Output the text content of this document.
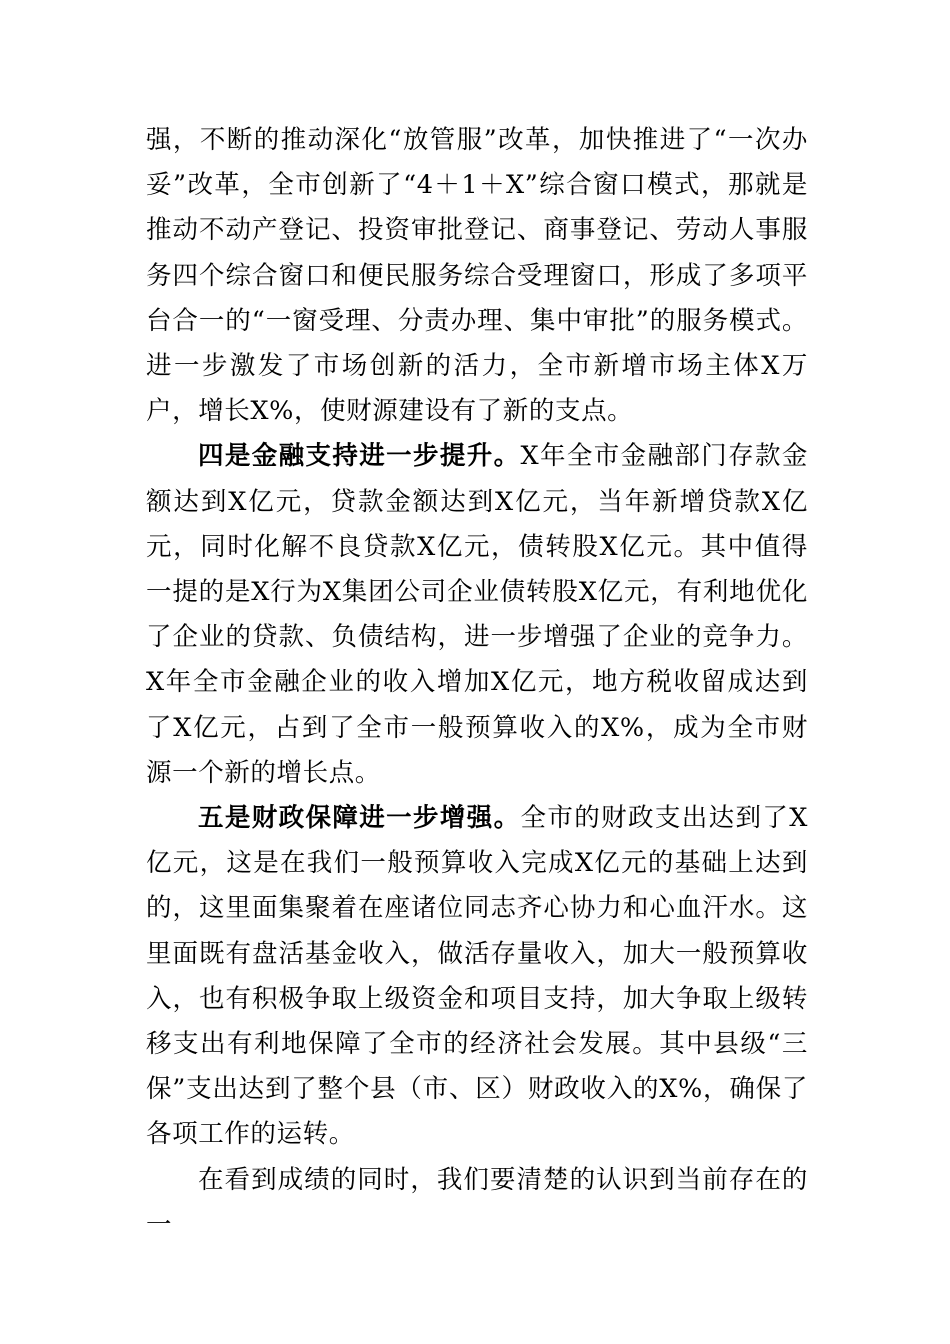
强，不断的推动深化“放管服”改革，加快推进了“一次办妥”改革，全市创新了“4＋1＋X”综合窗口模式，那就是推动不动产登记、投资审批登记、商事登记、劳动人事服务四个综合窗口和便民服务综合受理窗口，形成了多项平台合一的“一窗受理、分责办理、集中审批”的服务模式。进一步激发了市场创新的活力，全市新增市场主体X万户，增长X%，使财源建设有了新的支点。

四是金融支持进一步提升。X年全市金融部门存款金额达到X亿元，贷款金额达到X亿元，当年新增贷款X亿元，同时化解不良贷款X亿元，债转股X亿元。其中值得一提的是X行为X集团公司企业债转股X亿元，有利地优化了企业的贷款、负债结构，进一步增强了企业的竞争力。X年全市金融企业的收入增加X亿元，地方税收留成达到了X亿元，占到了全市一般预算收入的X%，成为全市财源一个新的增长点。

五是财政保障进一步增强。全市的财政支出达到了X亿元，这是在我们一般预算收入完成X亿元的基础上达到的，这里面集聚着在座诸位同志齐心协力和心血汗水。这里面既有盘活基金收入，做活存量收入，加大一般预算收入，也有积极争取上级资金和项目支持，加大争取上级转移支出有利地保障了全市的经济社会发展。其中县级“三保”支出达到了整个县（市、区）财政收入的X%，确保了各项工作的运转。

在看到成绩的同时，我们要清楚的认识到当前存在的一
